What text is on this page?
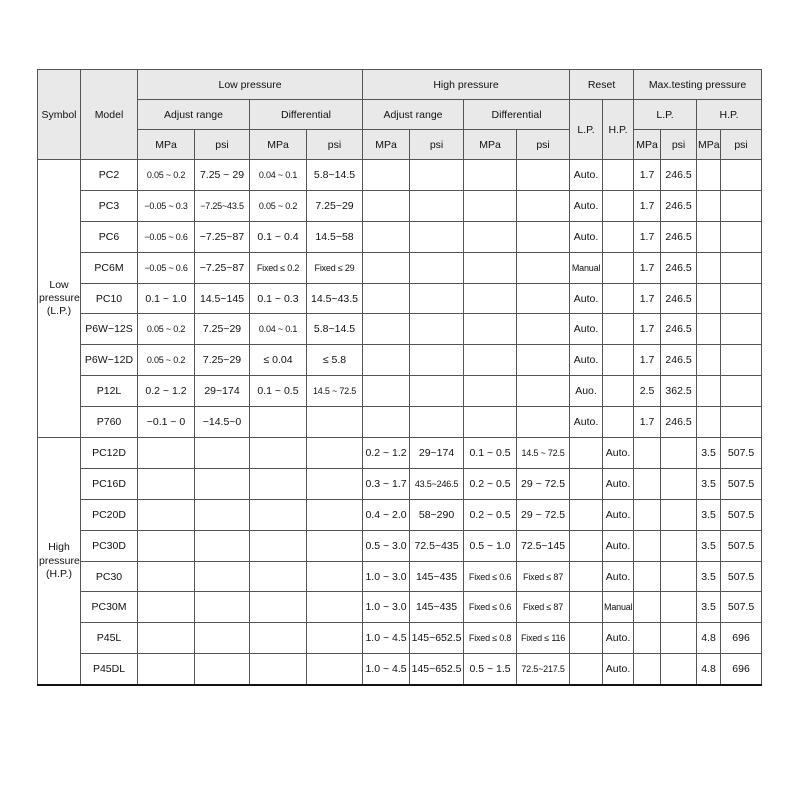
Symbol	Model	Low pressure				High pressure				Reset		Max.testing pressure			
		Adjust range		Differential		Adjust range		Differential		L.P.	H.P.	L.P.		H.P.	
		MPa	psi	MPa	psi	MPa	psi	MPa	psi			MPa	psi	MPa	psi

Low
pressure
(L.P.)	PC2	0.05 ~ 0.2	7.25 ~ 29	0.04 ~ 0.1	5.8~14.5					Auto.		1.7	246.5		
	PC3	−0.05 ~ 0.3	−7.25~43.5	0.05 ~ 0.2	7.25~29					Auto.		1.7	246.5		
	PC6	−0.05 ~ 0.6	−7.25~87	0.1 ~ 0.4	14.5~58					Auto.		1.7	246.5		
	PC6M	−0.05 ~ 0.6	−7.25~87	Fixed ≤ 0.2	Fixed ≤ 29					Manual		1.7	246.5		
	PC10	0.1 ~ 1.0	14.5~145	0.1 ~ 0.3	14.5~43.5					Auto.		1.7	246.5		
	P6W−12S	0.05 ~ 0.2	7.25~29	0.04 ~ 0.1	5.8~14.5					Auto.		1.7	246.5		
	P6W−12D	0.05 ~ 0.2	7.25~29	≤ 0.04	≤ 5.8					Auto.		1.7	246.5		
	P12L	0.2 ~ 1.2	29~174	0.1 ~ 0.5	14.5 ~ 72.5					Auo.		2.5	362.5		
	P760	−0.1 ~ 0	−14.5~0							Auto.		1.7	246.5		

High
pressure
(H.P.)	PC12D					0.2 ~ 1.2	29~174	0.1 ~ 0.5	14.5 ~ 72.5		Auto.			3.5	507.5
	PC16D					0.3 ~ 1.7	43.5~246.5	0.2 ~ 0.5	29 ~ 72.5		Auto.			3.5	507.5
	PC20D					0.4 ~ 2.0	58~290	0.2 ~ 0.5	29 ~ 72.5		Auto.			3.5	507.5
	PC30D					0.5 ~ 3.0	72.5~435	0.5 ~ 1.0	72.5~145		Auto.			3.5	507.5
	PC30					1.0 ~ 3.0	145~435	Fixed ≤ 0.6	Fixed ≤ 87		Auto.			3.5	507.5
	PC30M					1.0 ~ 3.0	145~435	Fixed ≤ 0.6	Fixed ≤ 87		Manual			3.5	507.5
	P45L					1.0 ~ 4.5	145~652.5	Fixed ≤ 0.8	Fixed ≤ 116		Auto.			4.8	696
	P45DL					1.0 ~ 4.5	145~652.5	0.5 ~ 1.5	72.5~217.5		Auto.			4.8	696
